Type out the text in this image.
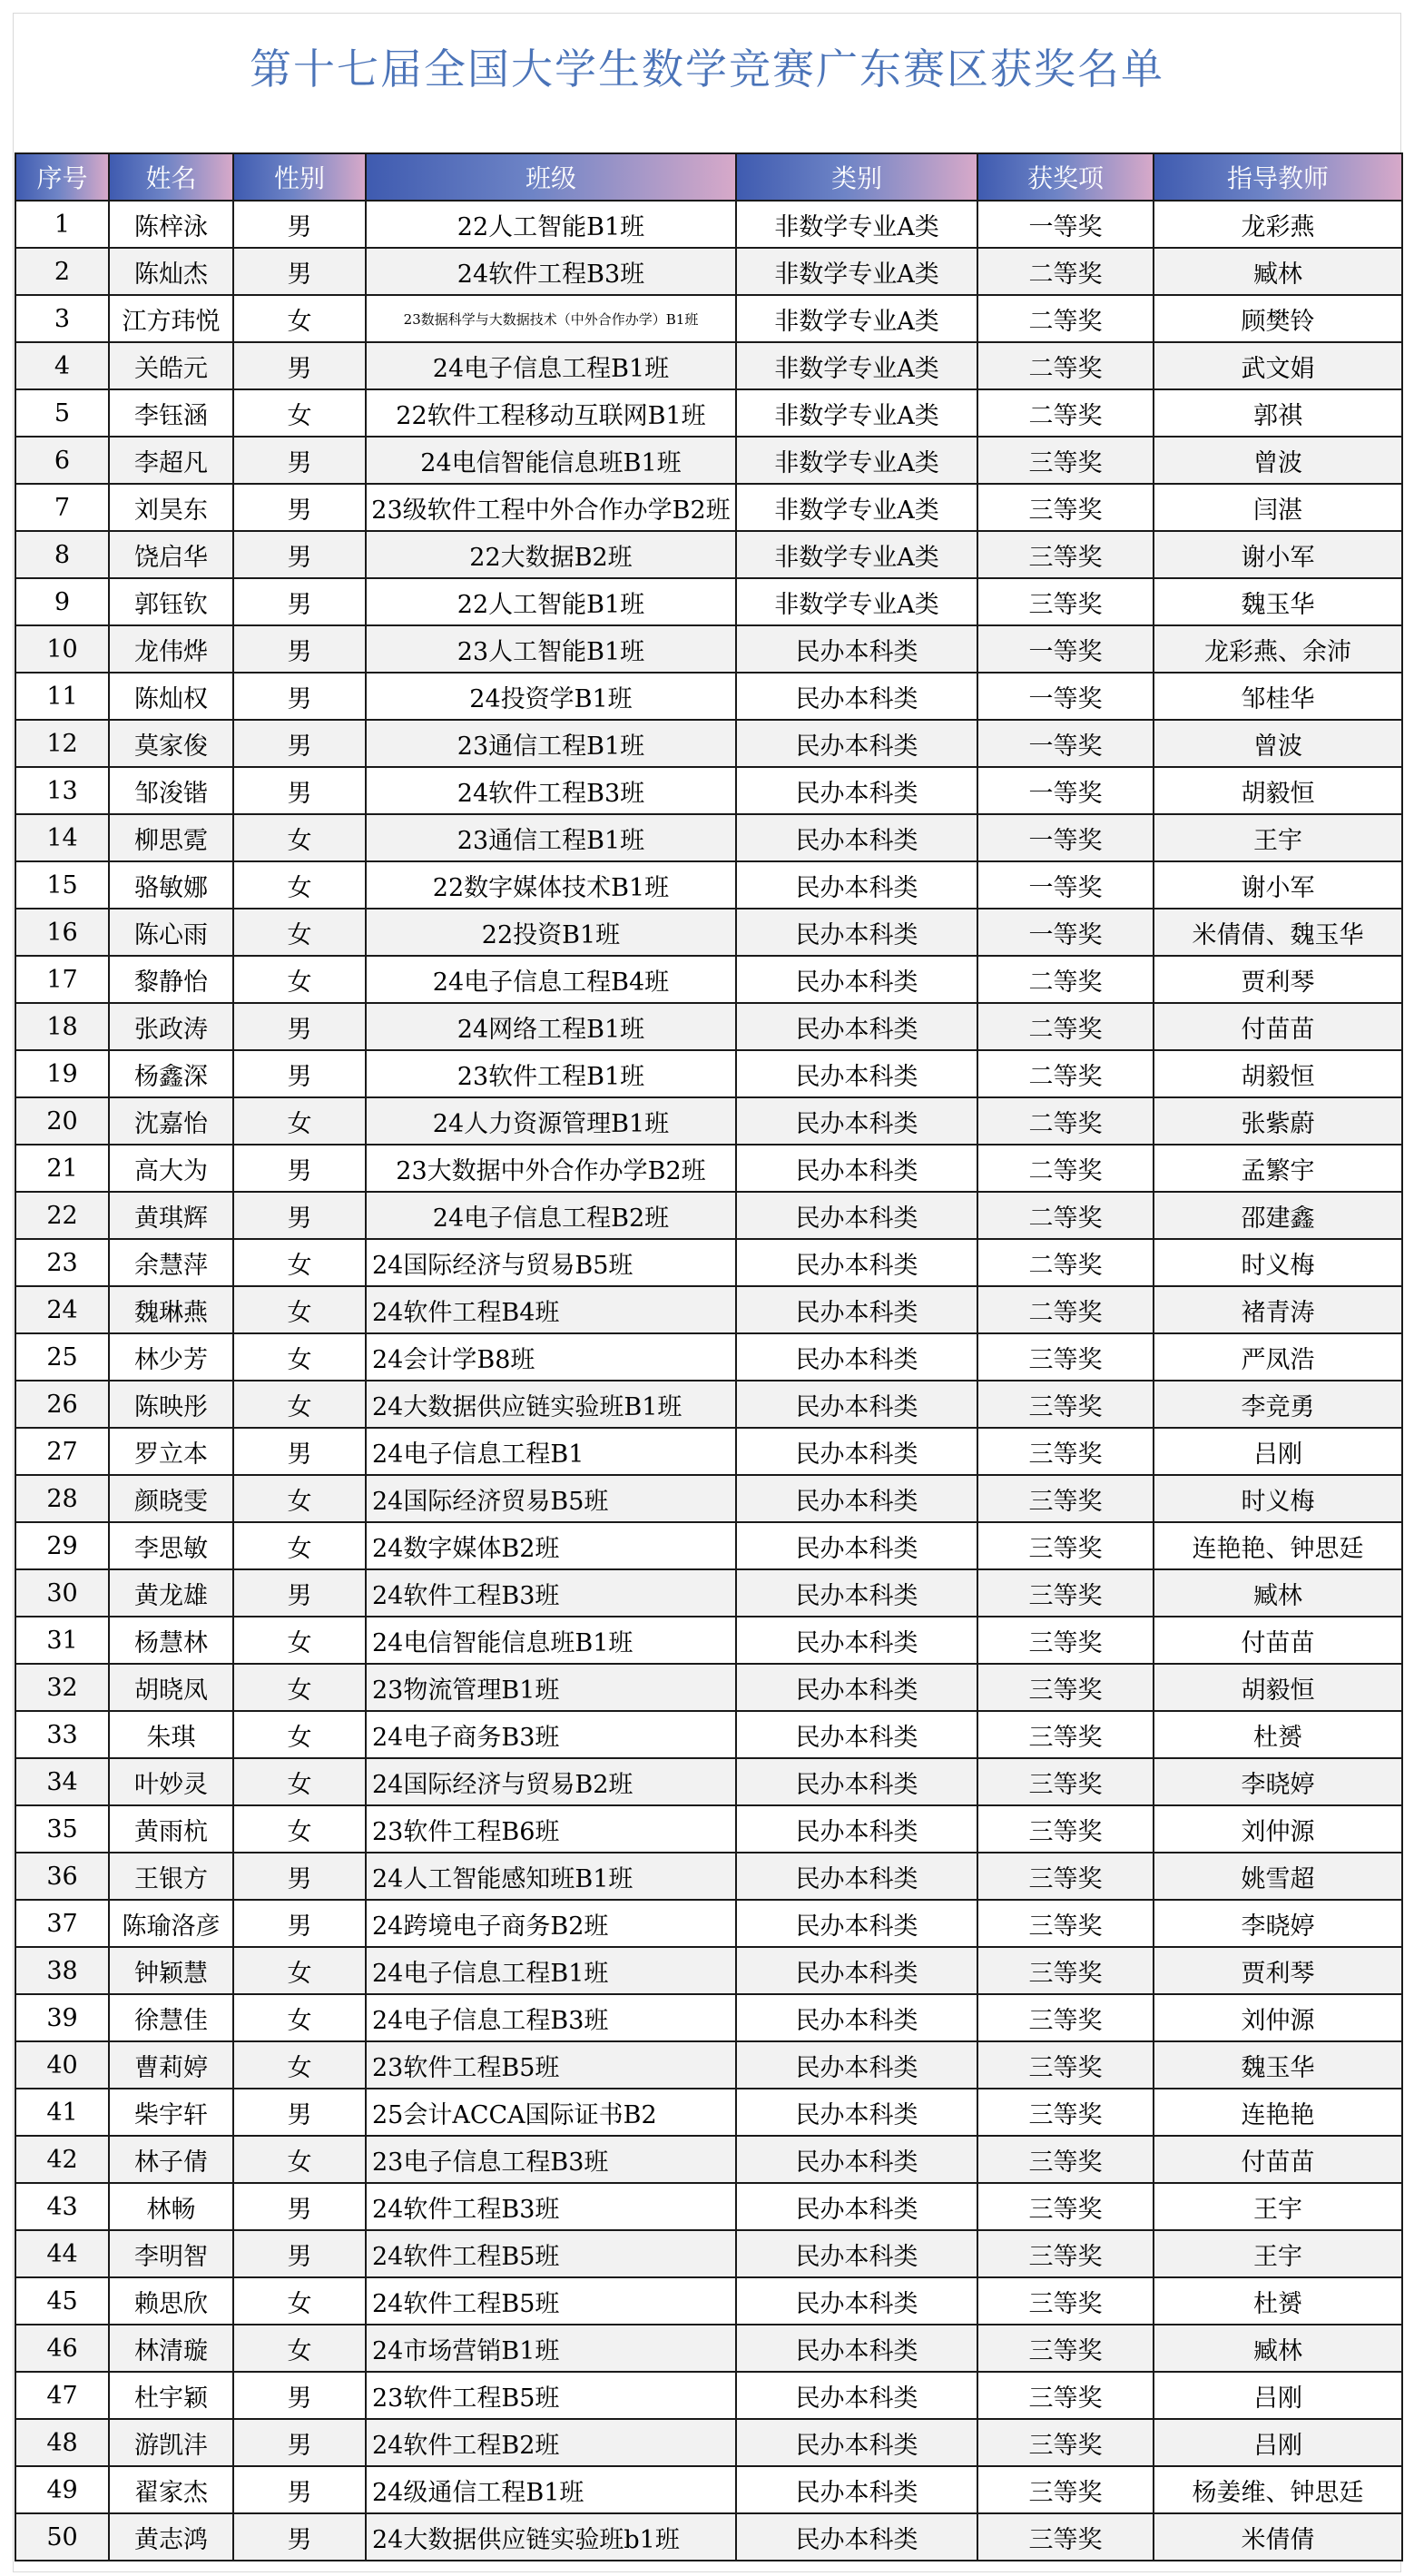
第十七届全国大学生数学竞赛广东赛区获奖名单
序号	姓名	性别	班级	类别	获奖项	指导教师
1	陈梓泳	男	22人工智能B1班	非数学专业A类	一等奖	龙彩燕
2	陈灿杰	男	24软件工程B3班	非数学专业A类	二等奖	臧林
3	江方玮悦	女	23数据科学与大数据技术（中外合作办学）B1班	非数学专业A类	二等奖	顾樊铃
4	关皓元	男	24电子信息工程B1班	非数学专业A类	二等奖	武文娟
5	李钰涵	女	22软件工程移动互联网B1班	非数学专业A类	二等奖	郭祺
6	李超凡	男	24电信智能信息班B1班	非数学专业A类	三等奖	曾波
7	刘昊东	男	23级软件工程中外合作办学B2班	非数学专业A类	三等奖	闫湛
8	饶启华	男	22大数据B2班	非数学专业A类	三等奖	谢小军
9	郭钰钦	男	22人工智能B1班	非数学专业A类	三等奖	魏玉华
10	龙伟烨	男	23人工智能B1班	民办本科类	一等奖	龙彩燕、余沛
11	陈灿权	男	24投资学B1班	民办本科类	一等奖	邹桂华
12	莫家俊	男	23通信工程B1班	民办本科类	一等奖	曾波
13	邹浚锴	男	24软件工程B3班	民办本科类	一等奖	胡毅恒
14	柳思霓	女	23通信工程B1班	民办本科类	一等奖	王宇
15	骆敏娜	女	22数字媒体技术B1班	民办本科类	一等奖	谢小军
16	陈心雨	女	22投资B1班	民办本科类	一等奖	米倩倩、魏玉华
17	黎静怡	女	24电子信息工程B4班	民办本科类	二等奖	贾利琴
18	张政涛	男	24网络工程B1班	民办本科类	二等奖	付苗苗
19	杨鑫深	男	23软件工程B1班	民办本科类	二等奖	胡毅恒
20	沈嘉怡	女	24人力资源管理B1班	民办本科类	二等奖	张紫蔚
21	高大为	男	23大数据中外合作办学B2班	民办本科类	二等奖	孟繁宇
22	黄琪辉	男	24电子信息工程B2班	民办本科类	二等奖	邵建鑫
23	余慧萍	女	24国际经济与贸易B5班	民办本科类	二等奖	时义梅
24	魏琳燕	女	24软件工程B4班	民办本科类	二等奖	褚青涛
25	林少芳	女	24会计学B8班	民办本科类	三等奖	严凤浩
26	陈映彤	女	24大数据供应链实验班B1班	民办本科类	三等奖	李竞勇
27	罗立本	男	24电子信息工程B1	民办本科类	三等奖	吕刚
28	颜晓雯	女	24国际经济贸易B5班	民办本科类	三等奖	时义梅
29	李思敏	女	24数字媒体B2班	民办本科类	三等奖	连艳艳、钟思廷
30	黄龙雄	男	24软件工程B3班	民办本科类	三等奖	臧林
31	杨慧林	女	24电信智能信息班B1班	民办本科类	三等奖	付苗苗
32	胡晓凤	女	23物流管理B1班	民办本科类	三等奖	胡毅恒
33	朱琪	女	24电子商务B3班	民办本科类	三等奖	杜赟
34	叶妙灵	女	24国际经济与贸易B2班	民办本科类	三等奖	李晓婷
35	黄雨杭	女	23软件工程B6班	民办本科类	三等奖	刘仲源
36	王银方	男	24人工智能感知班B1班	民办本科类	三等奖	姚雪超
37	陈瑜洛彦	男	24跨境电子商务B2班	民办本科类	三等奖	李晓婷
38	钟颖慧	女	24电子信息工程B1班	民办本科类	三等奖	贾利琴
39	徐慧佳	女	24电子信息工程B3班	民办本科类	三等奖	刘仲源
40	曹莉婷	女	23软件工程B5班	民办本科类	三等奖	魏玉华
41	柴宇轩	男	25会计ACCA国际证书B2	民办本科类	三等奖	连艳艳
42	林子倩	女	23电子信息工程B3班	民办本科类	三等奖	付苗苗
43	林畅	男	24软件工程B3班	民办本科类	三等奖	王宇
44	李明智	男	24软件工程B5班	民办本科类	三等奖	王宇
45	赖思欣	女	24软件工程B5班	民办本科类	三等奖	杜赟
46	林清璇	女	24市场营销B1班	民办本科类	三等奖	臧林
47	杜宇颖	男	23软件工程B5班	民办本科类	三等奖	吕刚
48	游凯沣	男	24软件工程B2班	民办本科类	三等奖	吕刚
49	翟家杰	男	24级通信工程B1班	民办本科类	三等奖	杨姜维、钟思廷
50	黄志鸿	男	24大数据供应链实验班b1班	民办本科类	三等奖	米倩倩
